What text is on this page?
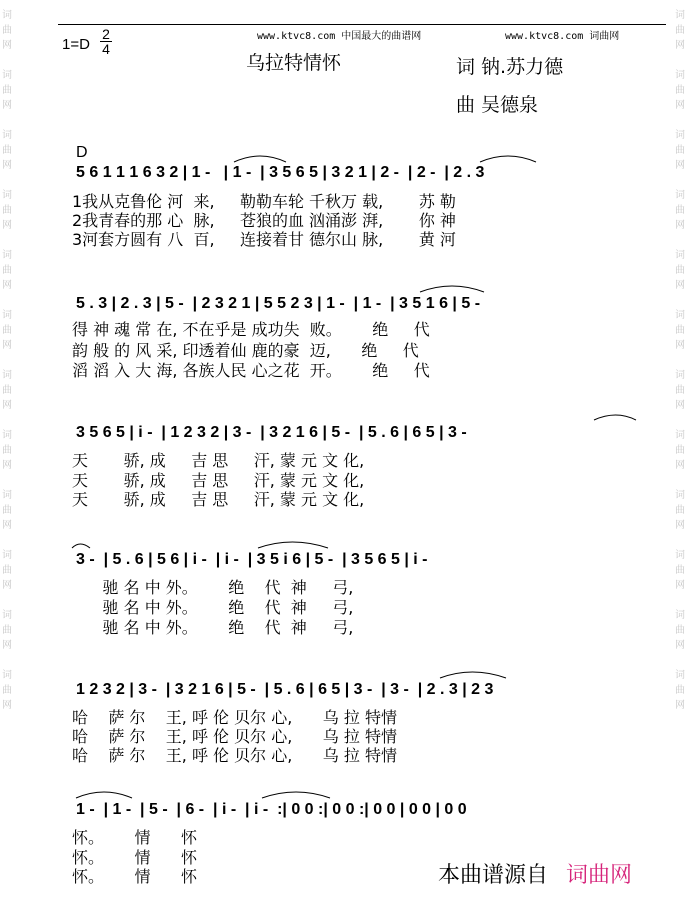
词
曲
网

词
曲
网

词
曲
网

词
曲
网

词
曲
网

词
曲
网

词
曲
网

词
曲
网

词
曲
网

词
曲
网

词
曲
网

词
曲
网
词
曲
网

词
曲
网

词
曲
网

词
曲
网

词
曲
网

词
曲
网

词
曲
网

词
曲
网

词
曲
网

词
曲
网

词
曲
网

词
曲
网
www.ktvc8.com 中国最大的曲谱网	www.ktvc8.com 词曲网
$1=D \frac{2}{4}$
乌拉特情怀	词 钠.苏力德
曲 吴德泉
D
5 6 1 1 1 6 3 2 | 1 -   | 1 -  | 3 5 6 5 | 3 2 1 | 2 -  | 2 -  | 2 . 3
1我从克鲁伦 河  来,     勒勒车轮 千秋万 载,       苏 勒
2我青春的那 心  脉,     苍狼的血 汹涌澎 湃,       你 神
3河套方圆有 八  百,     连接着甘 德尔山 脉,       黄 河
5 . 3 | 2 . 3 | 5 -  | 2 3 2 1 | 5 5 2 3 | 1 -  | 1 -  | 3 5 1 6 | 5 -
得 神 魂 常 在, 不在乎是 成功失  败。      绝     代
韵 般 的 风 采, 印透着仙 鹿的豪  迈,      绝     代
滔 滔 入 大 海, 各族人民 心之花  开。      绝     代
3 5 6 5 | i -  | 1 2 3 2 | 3 -  | 3 2 1 6 | 5 -  | 5 . 6 | 6 5 | 3 -
天       骄, 成     吉 思     汗, 蒙 元 文 化,
天       骄, 成     吉 思     汗, 蒙 元 文 化,
天       骄, 成     吉 思     汗, 蒙 元 文 化,
3 -  | 5 . 6 | 5 6 | i -  | i -  | 3 5 i 6 | 5 -  | 3 5 6 5 | i -
驰 名 中 外。      绝    代  神     弓,
驰 名 中 外。      绝    代  神     弓,
驰 名 中 外。      绝    代  神     弓,
1 2 3 2 | 3 -  | 3 2 1 6 | 5 -  | 5 . 6 | 6 5 | 3 -  | 3 -  | 2 . 3 | 2 3
哈    萨 尔    王, 呼 伦 贝尔 心,      乌 拉 特情
哈    萨 尔    王, 呼 伦 贝尔 心,      乌 拉 特情
哈    萨 尔    王, 呼 伦 贝尔 心,      乌 拉 特情
1 -  | 1 -  | 5 -  | 6 -  | i -  | i -  :| 0 0 :| 0 0 :| 0 0 | 0 0 | 0 0
怀。      情      怀
怀。      情      怀
怀。      情      怀	本曲谱源自 词曲网
